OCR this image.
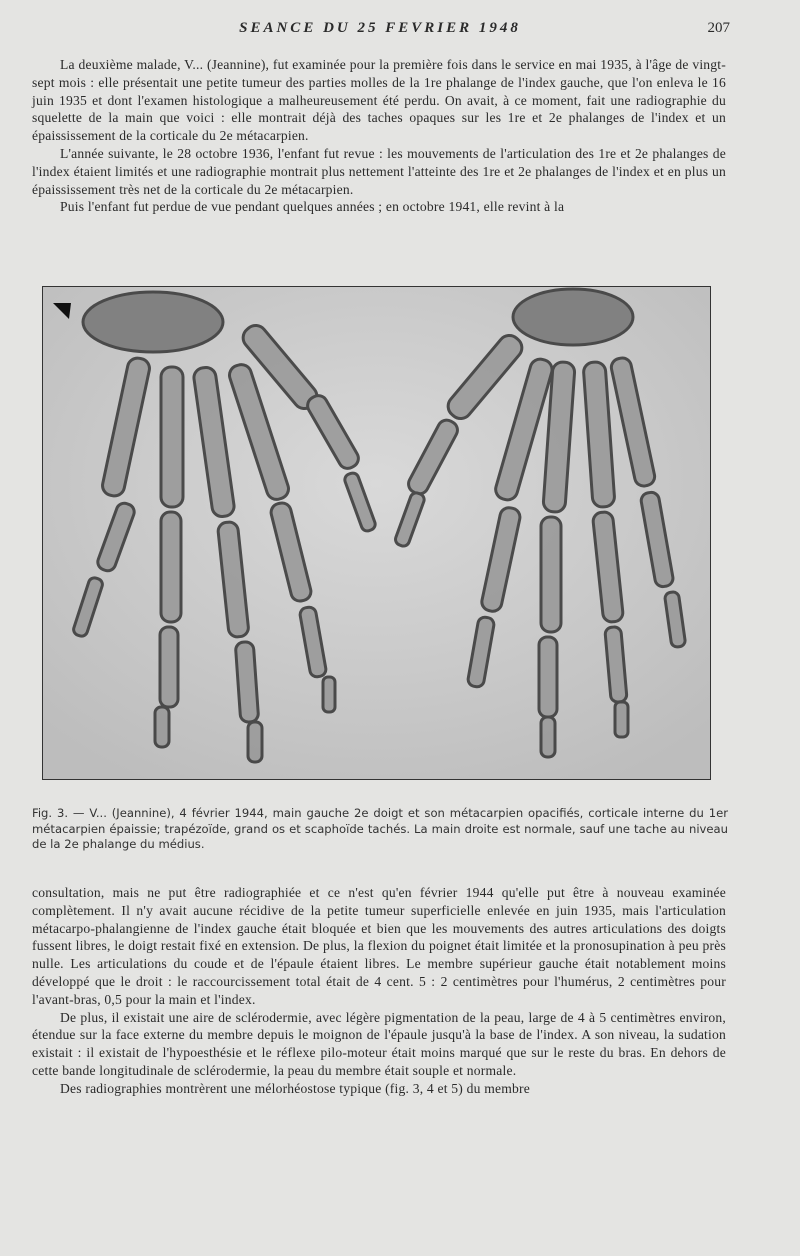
SEANCE DU 25 FEVRIER 1948	207

La deuxième malade, V... (Jeannine), fut examinée pour la première fois dans le service en mai 1935, à l'âge de vingt-sept mois : elle présentait une petite tumeur des parties molles de la 1re phalange de l'index gauche, que l'on enleva le 16 juin 1935 et dont l'examen histologique a malheureusement été perdu. On avait, à ce moment, fait une radiographie du squelette de la main que voici : elle montrait déjà des taches opaques sur les 1re et 2e phalanges de l'index et un épaississement de la corticale du 2e métacarpien.

L'année suivante, le 28 octobre 1936, l'enfant fut revue : les mouvements de l'articulation des 1re et 2e phalanges de l'index étaient limités et une radiographie montrait plus nettement l'atteinte des 1re et 2e phalanges de l'index et en plus un épaississement très net de la corticale du 2e métacarpien.

Puis l'enfant fut perdue de vue pendant quelques années ; en octobre 1941, elle revint à la

Fig. 3. — V... (Jeannine), 4 février 1944, main gauche 2e doigt et son métacarpien opacifiés, corticale interne du 1er métacarpien épaissie; trapézoïde, grand os et scaphoïde tachés. La main droite est normale, sauf une tache au niveau de la 2e phalange du médius.

consultation, mais ne put être radiographiée et ce n'est qu'en février 1944 qu'elle put être à nouveau examinée complètement. Il n'y avait aucune récidive de la petite tumeur superficielle enlevée en juin 1935, mais l'articulation métacarpo-phalangienne de l'index gauche était bloquée et bien que les mouvements des autres articulations des doigts fussent libres, le doigt restait fixé en extension. De plus, la flexion du poignet était limitée et la pronosupination à peu près nulle. Les articulations du coude et de l'épaule étaient libres. Le membre supérieur gauche était notablement moins développé que le droit : le raccourcissement total était de 4 cent. 5 : 2 centimètres pour l'humérus, 2 centimètres pour l'avant-bras, 0,5 pour la main et l'index.

De plus, il existait une aire de sclérodermie, avec légère pigmentation de la peau, large de 4 à 5 centimètres environ, étendue sur la face externe du membre depuis le moignon de l'épaule jusqu'à la base de l'index. A son niveau, la sudation existait : il existait de l'hypoesthésie et le réflexe pilo-moteur était moins marqué que sur le reste du bras. En dehors de cette bande longitudinale de sclérodermie, la peau du membre était souple et normale.

Des radiographies montrèrent une mélorhéostose typique (fig. 3, 4 et 5) du membre
